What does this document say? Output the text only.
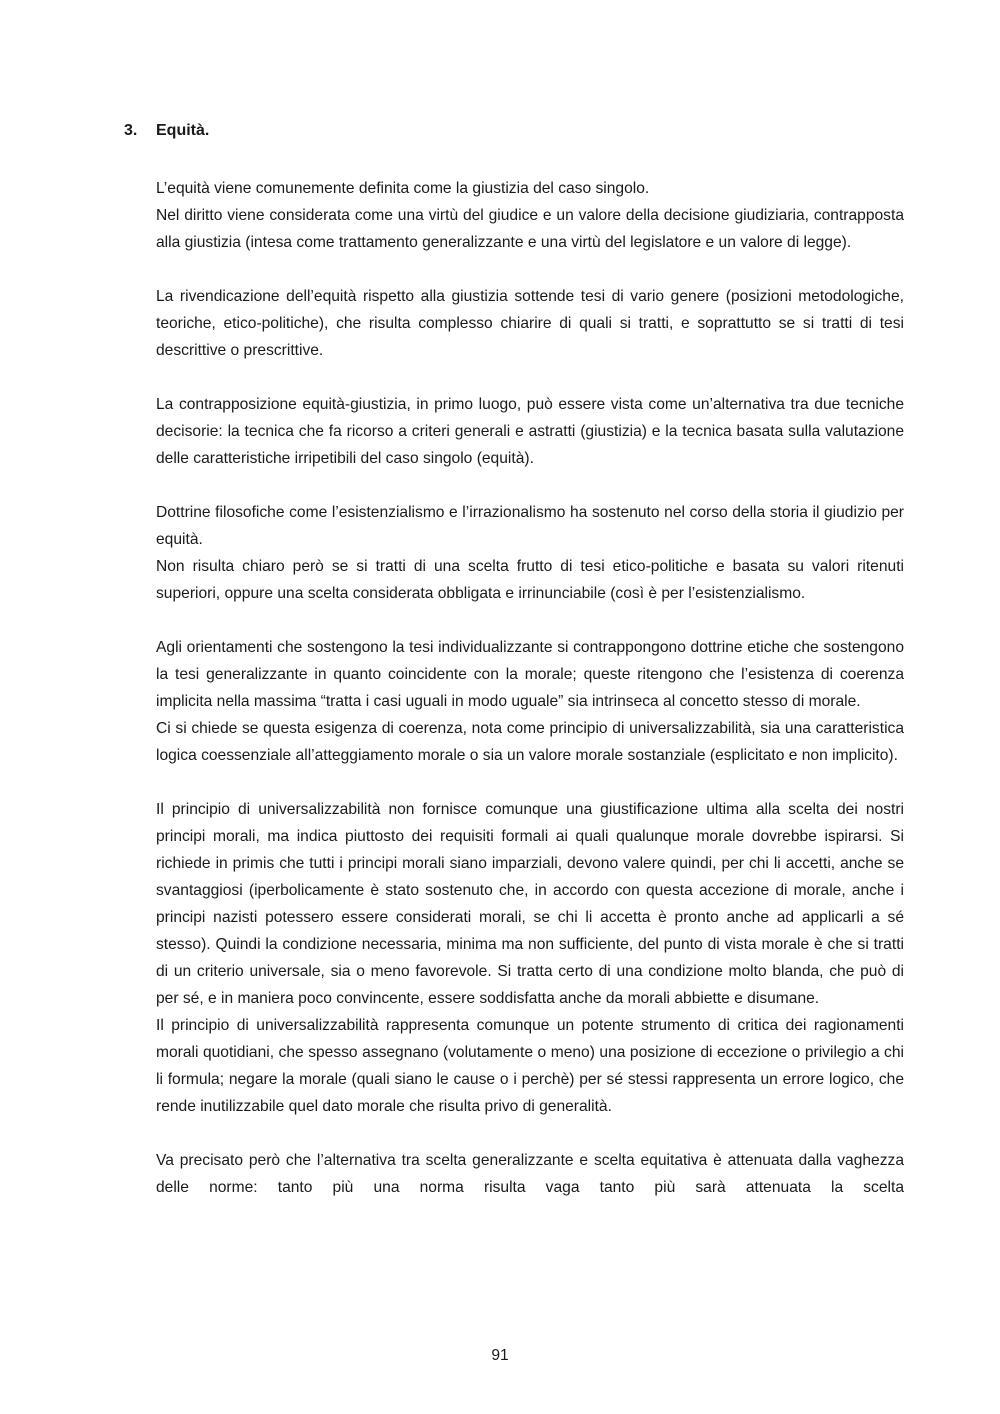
3. Equità.

L’equità viene comunemente definita come la giustizia del caso singolo.

Nel diritto viene considerata come una virtù del giudice e un valore della decisione giudiziaria, contrapposta alla giustizia (intesa come trattamento generalizzante e una virtù del legislatore e un valore di legge).

La rivendicazione dell’equità rispetto alla giustizia sottende tesi di vario genere (posizioni metodologiche, teoriche, etico-politiche), che risulta complesso chiarire di quali si tratti, e soprattutto se si tratti di tesi descrittive o prescrittive.

La contrapposizione equità-giustizia, in primo luogo, può essere vista come un’alternativa tra due tecniche decisorie: la tecnica che fa ricorso a criteri generali e astratti (giustizia) e la tecnica basata sulla valutazione delle caratteristiche irripetibili del caso singolo (equità).

Dottrine filosofiche come l’esistenzialismo e l’irrazionalismo ha sostenuto nel corso della storia il giudizio per equità.

Non risulta chiaro però se si tratti di una scelta frutto di tesi etico-politiche e basata su valori ritenuti superiori, oppure una scelta considerata obbligata e irrinunciabile (così è per l’esistenzialismo.

Agli orientamenti che sostengono la tesi individualizzante si contrappongono dottrine etiche che sostengono la tesi generalizzante in quanto coincidente con la morale; queste ritengono che l’esistenza di coerenza implicita nella massima “tratta i casi uguali in modo uguale” sia intrinseca al concetto stesso di morale.

Ci si chiede se questa esigenza di coerenza, nota come principio di universalizzabilità, sia una caratteristica logica coessenziale all’atteggiamento morale o sia un valore morale sostanziale (esplicitato e non implicito).

Il principio di universalizzabilità non fornisce comunque una giustificazione ultima alla scelta dei nostri principi morali, ma indica piuttosto dei requisiti formali ai quali qualunque morale dovrebbe ispirarsi. Si richiede in primis che tutti i principi morali siano imparziali, devono valere quindi, per chi li accetti, anche se svantaggiosi (iperbolicamente è stato sostenuto che, in accordo con questa accezione di morale, anche i principi nazisti potessero essere considerati morali, se chi li accetta è pronto anche ad applicarli a sé stesso). Quindi la condizione necessaria, minima ma non sufficiente, del punto di vista morale è che si tratti di un criterio universale, sia o meno favorevole. Si tratta certo di una condizione molto blanda, che può di per sé, e in maniera poco convincente, essere soddisfatta anche da morali abbiette e disumane.

Il principio di universalizzabilità rappresenta comunque un potente strumento di critica dei ragionamenti morali quotidiani, che spesso assegnano (volutamente o meno) una posizione di eccezione o privilegio a chi li formula; negare la morale (quali siano le cause o i perchè) per sé stessi rappresenta un errore logico, che rende inutilizzabile quel dato morale che risulta privo di generalità.

Va precisato però che l’alternativa tra scelta generalizzante e scelta equitativa è attenuata dalla vaghezza delle norme: tanto più una norma risulta vaga tanto più sarà attenuata la scelta

91
